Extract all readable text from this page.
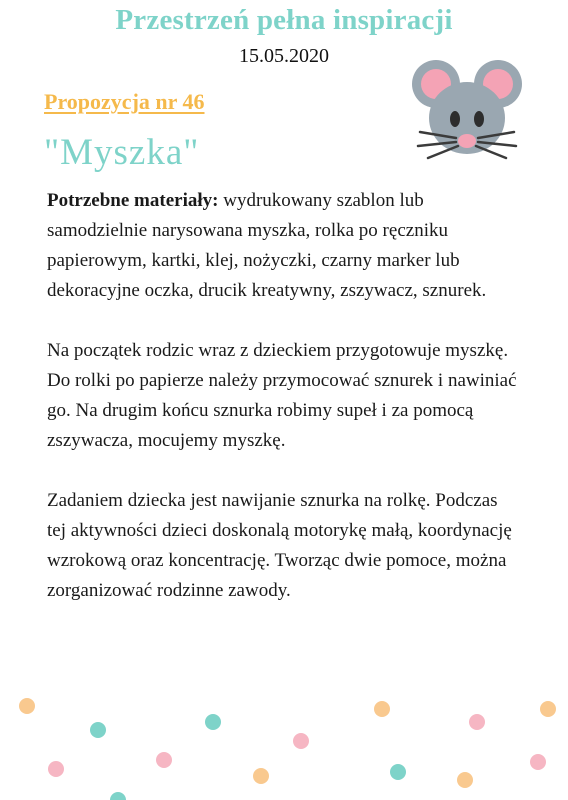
Przestrzeń pełna inspiracji
15.05.2020
Propozycja nr 46
"Myszka"

Potrzebne materiały: wydrukowany szablon lub samodzielnie narysowana myszka, rolka po ręczniku papierowym, kartki, klej, nożyczki, czarny marker lub dekoracyjne oczka, drucik kreatywny, zszywacz, sznurek.

Na początek rodzic wraz z dzieckiem przygotowuje myszkę. Do rolki po papierze należy przymocować sznurek i nawiniać go. Na drugim końcu sznurka robimy supeł i za pomocą zszywacza, mocujemy myszkę.

Zadaniem dziecka jest nawijanie sznurka na rolkę. Podczas tej aktywności dzieci doskonalą motorykę małą, koordynację wzrokową oraz koncentrację. Tworząc dwie pomoce, można zorganizować rodzinne zawody.
